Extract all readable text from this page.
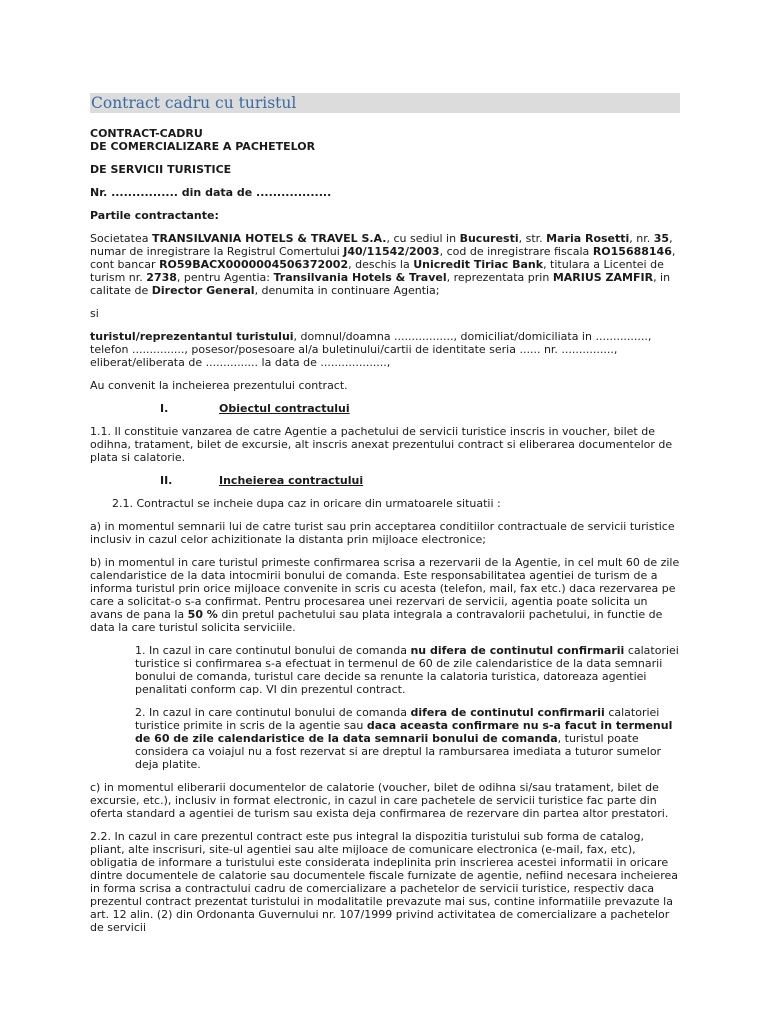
Contract cadru cu turistul

CONTRACT-CADRU

DE COMERCIALIZARE A PACHETELOR

DE SERVICII TURISTICE

Nr. ................ din data de ..................

Partile contractante:

Societatea TRANSILVANIA HOTELS & TRAVEL S.A., cu sediul in Bucuresti, str. Maria Rosetti, nr. 35, numar de inregistrare la Registrul Comertului J40/11542/2003, cod de inregistrare fiscala RO15688146, cont bancar RO59BACX0000004506372002, deschis la Unicredit Tiriac Bank, titulara a Licentei de turism nr. 2738, pentru Agentia: Transilvania Hotels & Travel, reprezentata prin MARIUS ZAMFIR, in calitate de Director General, denumita in continuare Agentia;

si

turistul/reprezentantul turistului, domnul/doamna ................., domiciliat/domiciliata in ..............., telefon ..............., posesor/posesoare al/a buletinului/cartii de identitate seria ...... nr. ..............., eliberat/eliberata de ............... la data de ...................,

Au convenit la incheierea prezentului contract.

I.	Obiectul contractului

1.1. Il constituie vanzarea de catre Agentie a pachetului de servicii turistice inscris in voucher, bilet de odihna, tratament, bilet de excursie, alt inscris anexat prezentului contract si eliberarea documentelor de plata si calatorie.

II.	Incheierea contractului

2.1. Contractul se incheie dupa caz in oricare din urmatoarele situatii :

a) in momentul semnarii lui de catre turist sau prin acceptarea conditiilor contractuale de servicii turistice inclusiv in cazul celor achizitionate la distanta prin mijloace electronice;

b) in momentul in care turistul primeste confirmarea scrisa a rezervarii de la Agentie, in cel mult 60 de zile calendaristice de la data intocmirii bonului de comanda. Este responsabilitatea agentiei de turism de a informa turistul prin orice mijloace convenite in scris cu acesta (telefon, mail, fax etc.) daca rezervarea pe care a solicitat-o s-a confirmat. Pentru procesarea unei rezervari de servicii, agentia poate solicita un avans de pana la 50 % din pretul pachetului sau plata integrala a contravalorii pachetului, in functie de data la care turistul solicita serviciile.

1. In cazul in care continutul bonului de comanda nu difera de continutul confirmarii calatoriei turistice si confirmarea s-a efectuat in termenul de 60 de zile calendaristice de la data semnarii bonului de comanda, turistul care decide sa renunte la calatoria turistica, datoreaza agentiei penalitati conform cap. VI din prezentul contract.

2. In cazul in care continutul bonului de comanda difera de continutul confirmarii calatoriei turistice primite in scris de la agentie sau daca aceasta confirmare nu s-a facut in termenul de 60 de zile calendaristice de la data semnarii bonului de comanda, turistul poate considera ca voiajul nu a fost rezervat si are dreptul la rambursarea imediata a tuturor sumelor deja platite.

c) in momentul eliberarii documentelor de calatorie (voucher, bilet de odihna si/sau tratament, bilet de excursie, etc.), inclusiv in format electronic, in cazul in care pachetele de servicii turistice fac parte din oferta standard a agentiei de turism sau exista deja confirmarea de rezervare din partea altor prestatori.

2.2. In cazul in care prezentul contract este pus integral la dispozitia turistului sub forma de catalog, pliant, alte inscrisuri, site-ul agentiei sau alte mijloace de comunicare electronica (e-mail, fax, etc), obligatia de informare a turistului este considerata indeplinita prin inscrierea acestei informatii in oricare dintre documentele de calatorie sau documentele fiscale furnizate de agentie, nefiind necesara incheierea in forma scrisa a contractului cadru de comercializare a pachetelor de servicii turistice, respectiv daca prezentul contract prezentat turistului in modalitatile prevazute mai sus, contine informatiile prevazute la art. 12 alin. (2) din Ordonanta Guvernului nr. 107/1999 privind activitatea de comercializare a pachetelor de servicii
